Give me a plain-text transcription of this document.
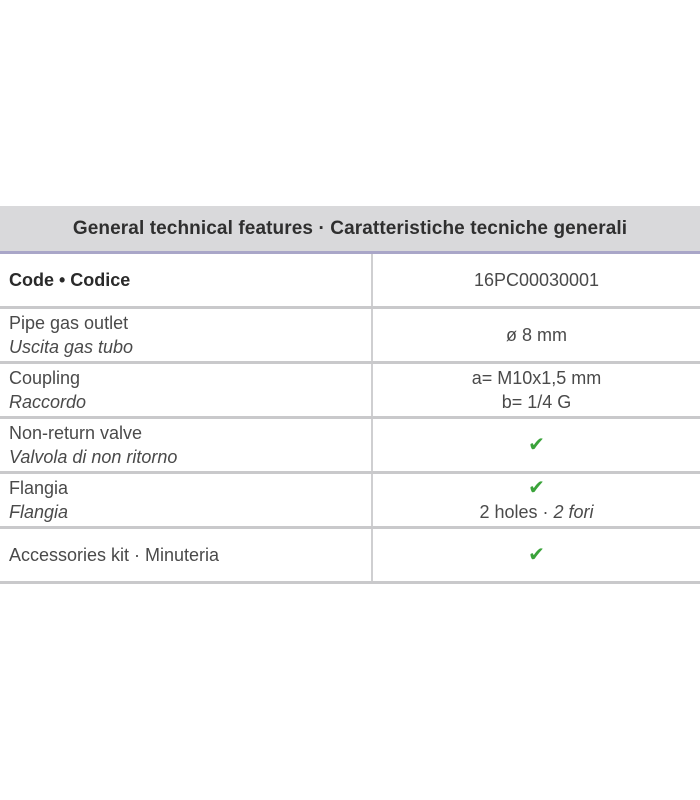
General technical features · Caratteristiche tecniche generali
Code • Codice	16PC00030001
Pipe gas outlet
Uscita gas tubo
ø 8 mm
Coupling
Raccordo
a= M10x1,5 mm
b= 1/4 G
Non-return valve
Valvola di non ritorno
✔
Flangia
Flangia
✔
2 holes · 2 fori
Accessories kit · Minuteria	✔
